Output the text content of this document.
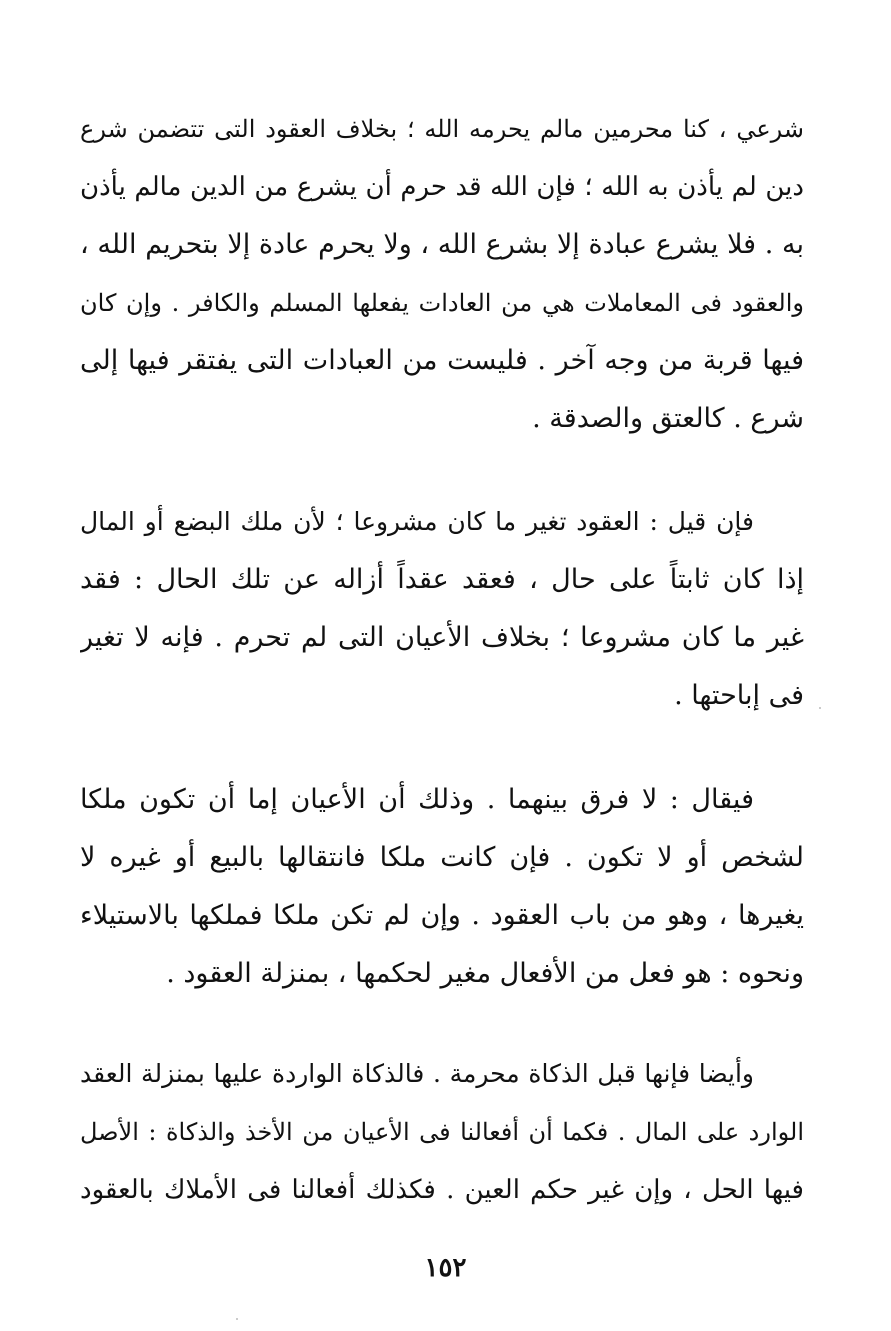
شرعي ، كنا محرمين مالم يحرمه الله ؛ بخلاف العقود التى تتضمن شرع
دين لم يأذن به الله ؛ فإن الله قد حرم أن يشرع من الدين مالم يأذن
به . فلا يشرع عبادة إلا بشرع الله ، ولا يحرم عادة إلا بتحريم الله ،
والعقود فى المعاملات هي من العادات يفعلها المسلم والكافر . وإن كان
فيها قربة من وجه آخر . فليست من العبادات التى يفتقر فيها إلى
شرع . كالعتق والصدقة .
فإن قيل : العقود تغير ما كان مشروعا ؛ لأن ملك البضع أو المال
إذا كان ثابتاً على حال ، فعقد عقداً أزاله عن تلك الحال : فقد
غير ما كان مشروعا ؛ بخلاف الأعيان التى لم تحرم . فإنه لا تغير
فى إباحتها .
فيقال : لا فرق بينهما . وذلك أن الأعيان إما أن تكون ملكا
لشخص أو لا تكون . فإن كانت ملكا فانتقالها بالبيع أو غيره لا
يغيرها ، وهو من باب العقود . وإن لم تكن ملكا فملكها بالاستيلاء
ونحوه : هو فعل من الأفعال مغير لحكمها ، بمنزلة العقود .
وأيضا فإنها قبل الذكاة محرمة . فالذكاة الواردة عليها بمنزلة العقد
الوارد على المال . فكما أن أفعالنا فى الأعيان من الأخذ والذكاة : الأصل
فيها الحل ، وإن غير حكم العين . فكذلك أفعالنا فى الأملاك بالعقود
١٥٢
